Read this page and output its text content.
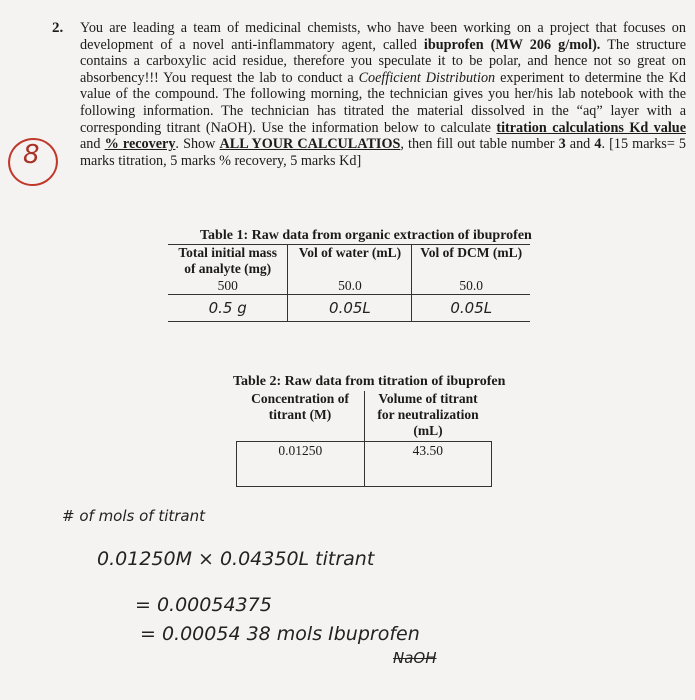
2. You are leading a team of medicinal chemists, who have been working on a project that focuses on development of a novel anti-inflammatory agent, called ibuprofen (MW 206 g/mol). The structure contains a carboxylic acid residue, therefore you speculate it to be polar, and hence not so great on absorbency!!! You request the lab to conduct a Coefficient Distribution experiment to determine the Kd value of the compound. The following morning, the technician gives you her/his lab notebook with the following information. The technician has titrated the material dissolved in the “aq” layer with a corresponding titrant (NaOH). Use the information below to calculate titration calculations Kd value and % recovery. Show ALL YOUR CALCULATIOS, then fill out table number 3 and 4. [15 marks= 5 marks titration, 5 marks % recovery, 5 marks Kd]
8
Table 1: Raw data from organic extraction of ibuprofen
Total initial mass of analyte (mg)	Vol of water (mL)	Vol of DCM (mL)
500	50.0	50.0
0.5 g	0.05L	0.05L
Table 2: Raw data from titration of ibuprofen
Concentration of titrant (M)	Volume of titrant for neutralization (mL)
0.01250	43.50
# of mols of titrant
0.01250M × 0.04350L titrant
= 0.00054375
= 0.00054 38 mols Ibuprofen
NaOH
